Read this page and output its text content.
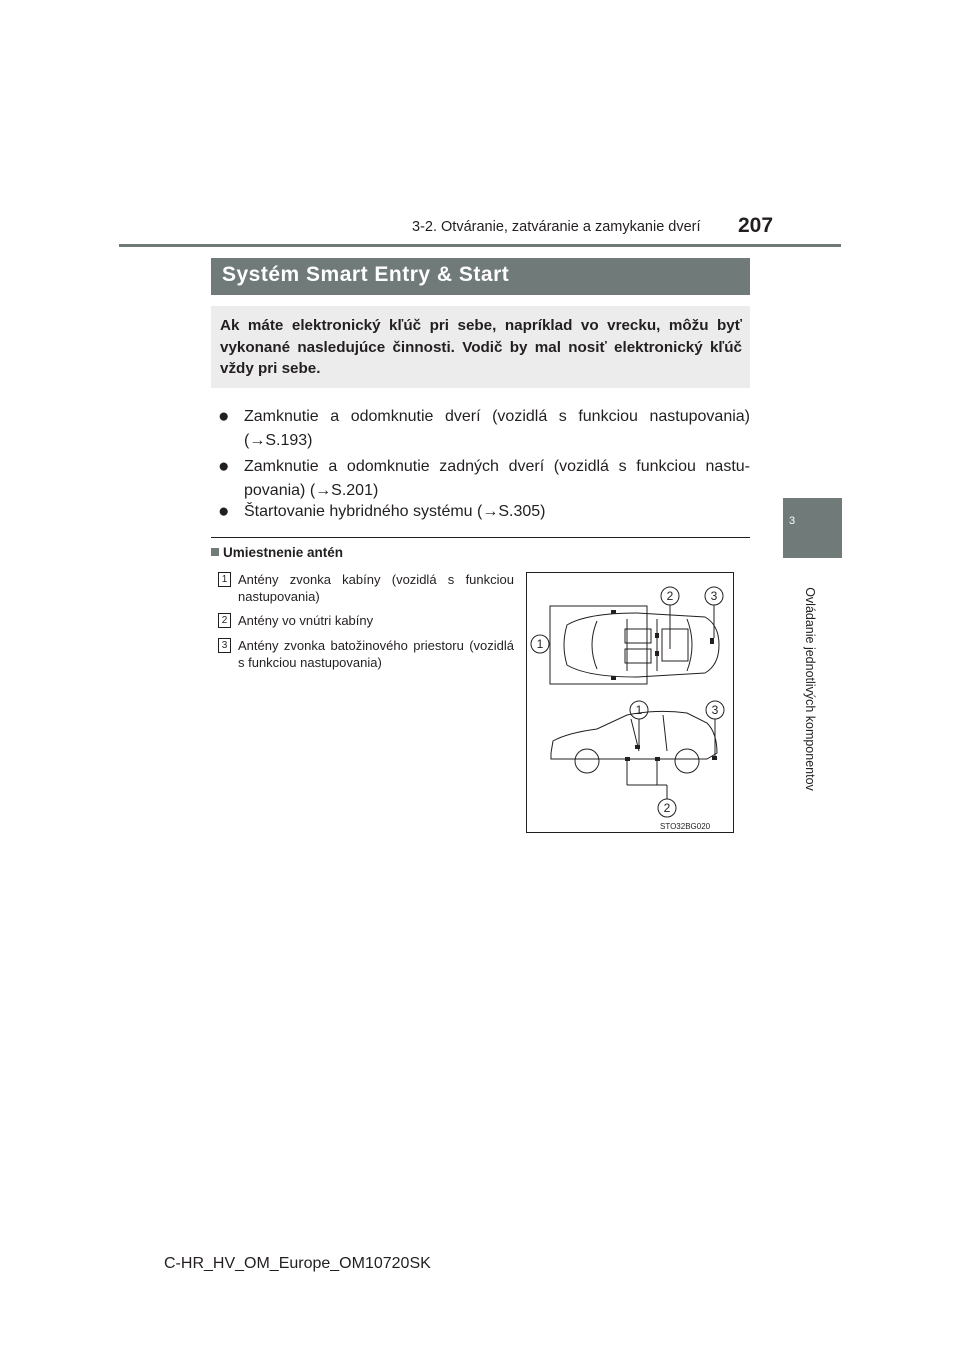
3-2. Otváranie, zatváranie a zamykanie dverí 207
3
Ovládanie jednotlivých komponentov
Systém Smart Entry & Start

Ak máte elektronický kľúč pri sebe, napríklad vo vrecku, môžu byť vykonané nasledujúce činnosti. Vodič by mal nosiť elektronický kľúč vždy pri sebe.

● Zamknutie a odomknutie dverí (vozidlá s funkciou nastupovania) (→S.193)
● Zamknutie a odomknutie zadných dverí (vozidlá s funkciou nastu-povania) (→S.201)
● Štartovanie hybridného systému (→S.305)
Umiestnenie antén
1 Antény zvonka kabíny (vozidlá s funkciou nastupovania)
2 Antény vo vnútri kabíny
3 Antény zvonka batožinového priestoru (vozidlá s funkciou nastupovania)
1
2	3
1	3
2
STO32BG020
C-HR_HV_OM_Europe_OM10720SK
